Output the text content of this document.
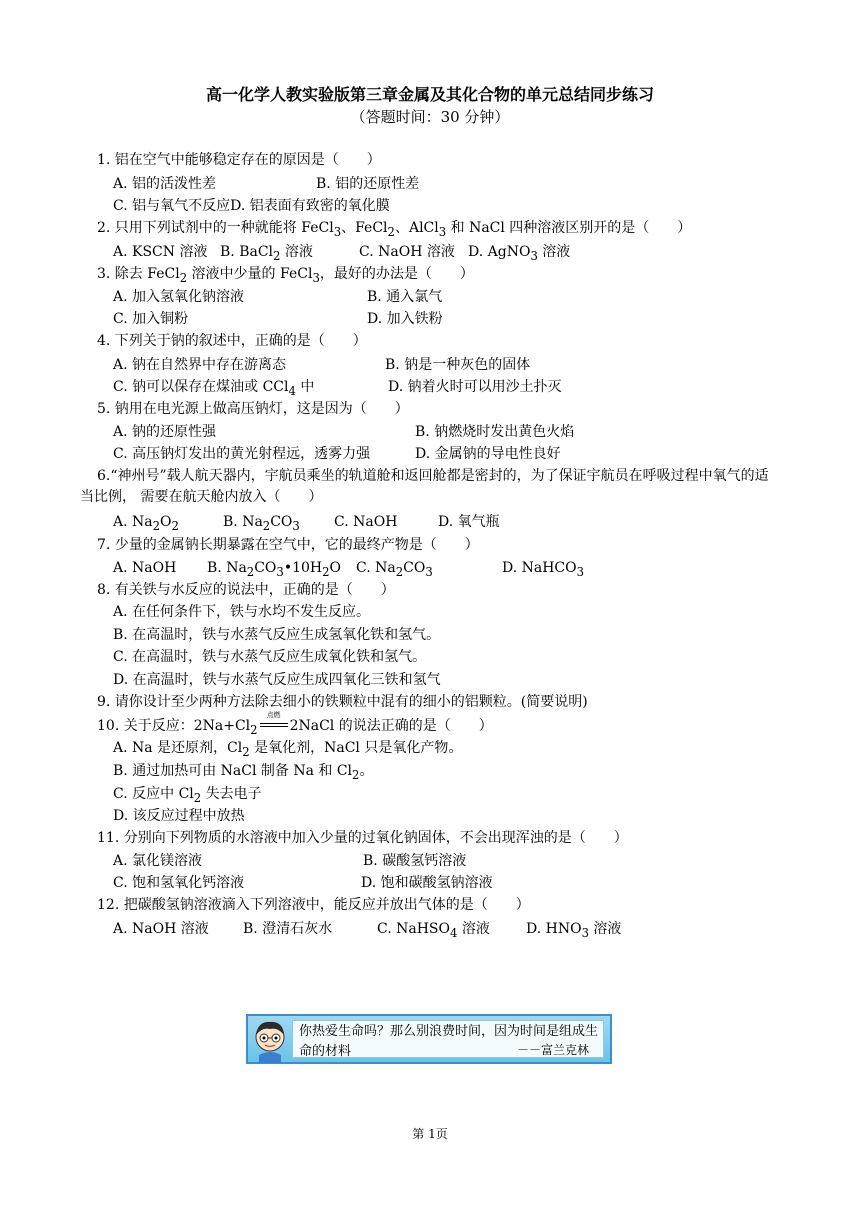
高一化学人教实验版第三章金属及其化合物的单元总结同步练习
（答题时间：30 分钟）
1. 铝在空气中能够稳定存在的原因是（　　）
A. 铝的活泼性差	B. 铝的还原性差
C. 铝与氧气不反应D. 铝表面有致密的氧化膜
2. 只用下列试剂中的一种就能将 FeCl$_3$、FeCl$_2$、AlCl$_3$ 和 NaCl 四种溶液区别开的是（　　）
A. KSCN 溶液 B. BaCl$_2$ 溶液	C. NaOH 溶液 D. AgNO$_3$ 溶液
3. 除去 FeCl$_2$ 溶液中少量的 FeCl$_3$，最好的办法是（　　）
A. 加入氢氧化钠溶液	B. 通入氯气
C. 加入铜粉	D. 加入铁粉
4. 下列关于钠的叙述中，正确的是（　　）
A. 钠在自然界中存在游离态	B. 钠是一种灰色的固体
C. 钠可以保存在煤油或 CCl$_4$ 中	D. 钠着火时可以用沙土扑灭
5. 钠用在电光源上做高压钠灯，这是因为（　　）
A. 钠的还原性强	B. 钠燃烧时发出黄色火焰
C. 高压钠灯发出的黄光射程远，透雾力强	D. 金属钠的导电性良好
6.“神州号”载人航天器内，宇航员乘坐的轨道舱和返回舱都是密封的，为了保证宇航员在呼吸过程中氧气的适当比例， 需要在航天舱内放入（　　）
A. $Na_2O_2$	B. $Na_2CO_3$ C. NaOH	D. 氧气瓶
7. 少量的金属钠长期暴露在空气中，它的最终产物是（　　）
A. NaOH B. $Na_2CO_3•10H_2O$ C. $Na_2CO_3$	D. NaHCO$_3$
8. 有关铁与水反应的说法中，正确的是（　　）
A. 在任何条件下，铁与水均不发生反应。
B. 在高温时，铁与水蒸气反应生成氢氧化铁和氢气。
C. 在高温时，铁与水蒸气反应生成氧化铁和氢气。
D. 在高温时，铁与水蒸气反应生成四氧化三铁和氢气
9. 请你设计至少两种方法除去细小的铁颗粒中混有的细小的铝颗粒。(简要说明)
10. 关于反应：$2Na+Cl_2$
点燃
2NaCl 的说法正确的是（　　）
A. Na 是还原剂，$Cl_2$ 是氧化剂，NaCl 只是氧化产物。
B. 通过加热可由 NaCl 制备 Na 和 $Cl_2$。
C. 反应中 $Cl_2$ 失去电子
D. 该反应过程中放热
11. 分别向下列物质的水溶液中加入少量的过氧化钠固体，不会出现浑浊的是（　　）
A. 氯化镁溶液	B. 碳酸氢钙溶液
C. 饱和氢氧化钙溶液	D. 饱和碳酸氢钠溶液
12. 把碳酸氢钠溶液滴入下列溶液中，能反应并放出气体的是（　　）
A. NaOH 溶液 B. 澄清石灰水	C. NaHSO$_4$ 溶液	D. $HNO_3$ 溶液
你热爱生命吗？那么别浪费时间，因为时间是组成生
命的材料	－－富兰克林
第 1页
